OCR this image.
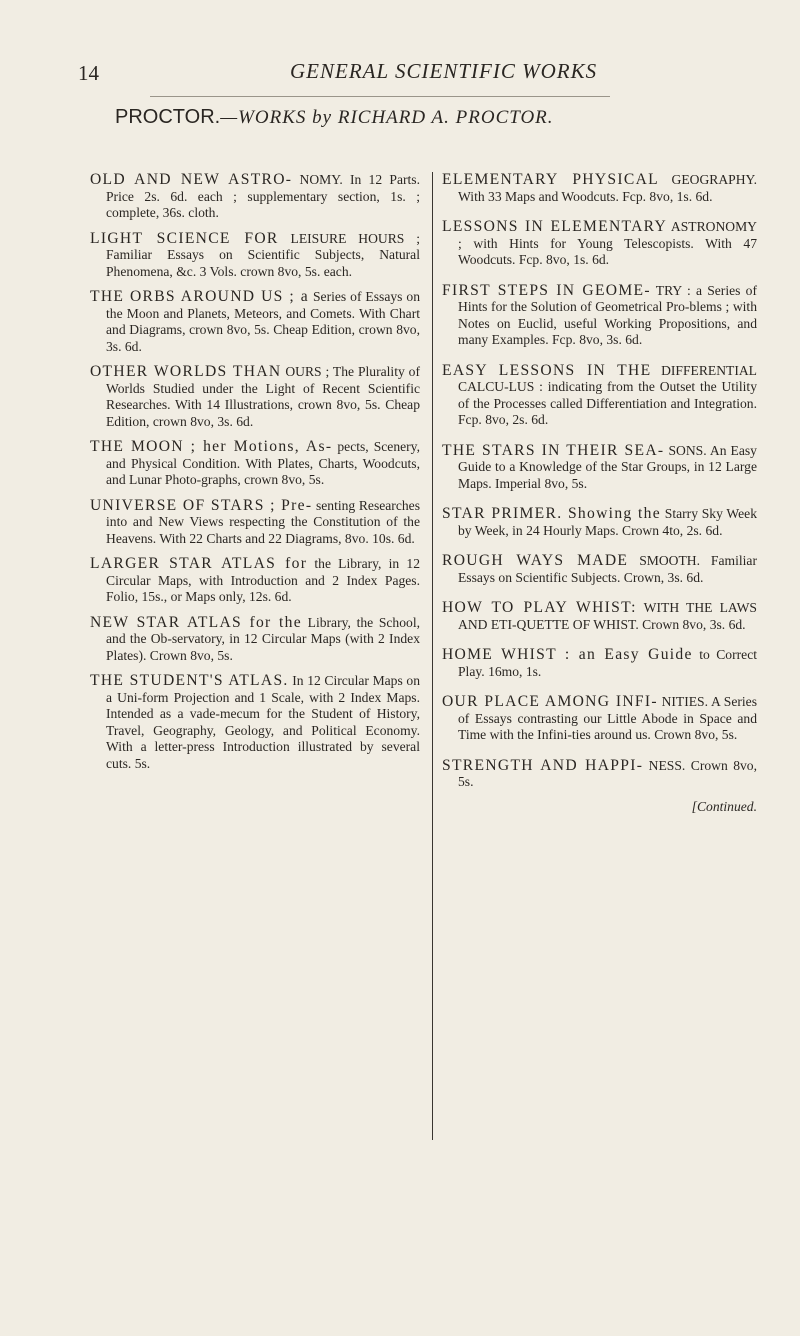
14	GENERAL SCIENTIFIC WORKS
PROCTOR.—WORKS by RICHARD A. PROCTOR.

OLD AND NEW ASTRO- NOMY. In 12 Parts. Price 2s. 6d. each ; supplementary section, 1s. ; complete, 36s. cloth.

LIGHT SCIENCE FOR LEISURE HOURS ; Familiar Essays on Scientific Subjects, Natural Phenomena, &c. 3 Vols. crown 8vo, 5s. each.

THE ORBS AROUND US ; a Series of Essays on the Moon and Planets, Meteors, and Comets. With Chart and Diagrams, crown 8vo, 5s. Cheap Edition, crown 8vo, 3s. 6d.

OTHER WORLDS THAN OURS ; The Plurality of Worlds Studied under the Light of Recent Scientific Researches. With 14 Illustrations, crown 8vo, 5s. Cheap Edition, crown 8vo, 3s. 6d.

THE MOON ; her Motions, As- pects, Scenery, and Physical Condition. With Plates, Charts, Woodcuts, and Lunar Photo-graphs, crown 8vo, 5s.

UNIVERSE OF STARS ; Pre- senting Researches into and New Views respecting the Constitution of the Heavens. With 22 Charts and 22 Diagrams, 8vo. 10s. 6d.

LARGER STAR ATLAS for the Library, in 12 Circular Maps, with Introduction and 2 Index Pages. Folio, 15s., or Maps only, 12s. 6d.

NEW STAR ATLAS for the Library, the School, and the Ob-servatory, in 12 Circular Maps (with 2 Index Plates). Crown 8vo, 5s.

THE STUDENT'S ATLAS. In 12 Circular Maps on a Uni-form Projection and 1 Scale, with 2 Index Maps. Intended as a vade-mecum for the Student of History, Travel, Geography, Geology, and Political Economy. With a letter-press Introduction illustrated by several cuts. 5s.

ELEMENTARY PHYSICAL GEOGRAPHY. With 33 Maps and Woodcuts. Fcp. 8vo, 1s. 6d.

LESSONS IN ELEMENTARY ASTRONOMY ; with Hints for Young Telescopists. With 47 Woodcuts. Fcp. 8vo, 1s. 6d.

FIRST STEPS IN GEOME- TRY : a Series of Hints for the Solution of Geometrical Pro-blems ; with Notes on Euclid, useful Working Propositions, and many Examples. Fcp. 8vo, 3s. 6d.

EASY LESSONS IN THE DIFFERENTIAL CALCU-LUS : indicating from the Outset the Utility of the Processes called Differentiation and Integration. Fcp. 8vo, 2s. 6d.

THE STARS IN THEIR SEA- SONS. An Easy Guide to a Knowledge of the Star Groups, in 12 Large Maps. Imperial 8vo, 5s.

STAR PRIMER. Showing the Starry Sky Week by Week, in 24 Hourly Maps. Crown 4to, 2s. 6d.

ROUGH WAYS MADE SMOOTH. Familiar Essays on Scientific Subjects. Crown, 3s. 6d.

HOW TO PLAY WHIST: WITH THE LAWS AND ETI-QUETTE OF WHIST. Crown 8vo, 3s. 6d.

HOME WHIST : an Easy Guide to Correct Play. 16mo, 1s.

OUR PLACE AMONG INFI- NITIES. A Series of Essays contrasting our Little Abode in Space and Time with the Infini-ties around us. Crown 8vo, 5s.

STRENGTH AND HAPPI- NESS. Crown 8vo, 5s.

[Continued.
